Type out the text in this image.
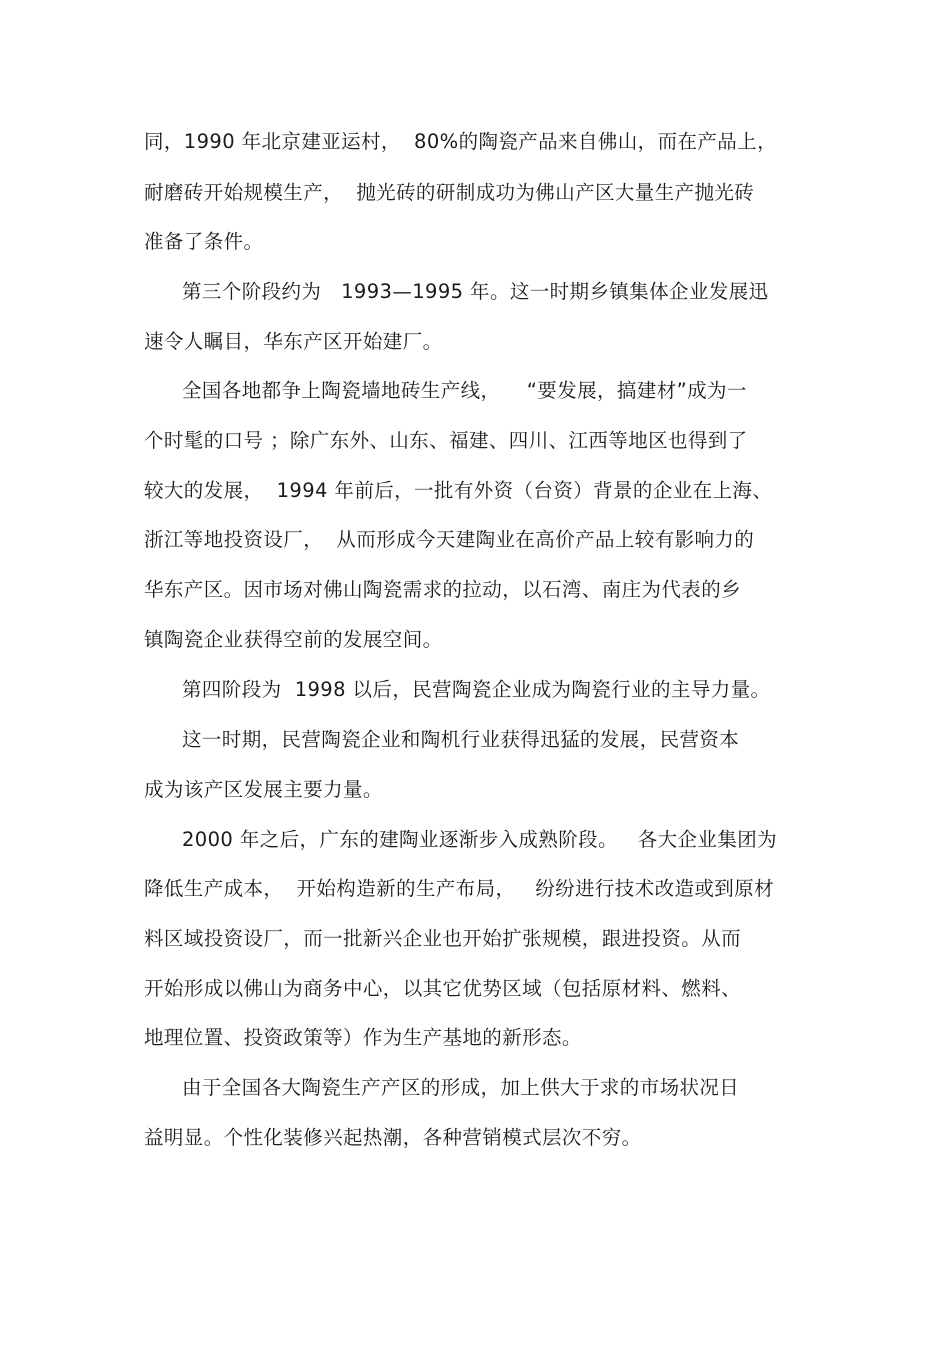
同，1990 年北京建亚运村，  80%的陶瓷产品来自佛山，而在产品上，
耐磨砖开始规模生产，  抛光砖的研制成功为佛山产区大量生产抛光砖
准备了条件。
第三个阶段约为   1993—1995 年。这一时期乡镇集体企业发展迅
速令人瞩目，华东产区开始建厂。
全国各地都争上陶瓷墙地砖生产线，    “要发展，搞建材”成为一
个时髦的口号 ；除广东外、山东、福建、四川、江西等地区也得到了
较大的发展，  1994 年前后，一批有外资（台资）背景的企业在上海、
浙江等地投资设厂，  从而形成今天建陶业在高价产品上较有影响力的
华东产区。因市场对佛山陶瓷需求的拉动，以石湾、南庄为代表的乡
镇陶瓷企业获得空前的发展空间。
第四阶段为  1998 以后，民营陶瓷企业成为陶瓷行业的主导力量。
这一时期，民营陶瓷企业和陶机行业获得迅猛的发展，民营资本
成为该产区发展主要力量。
2000 年之后，广东的建陶业逐渐步入成熟阶段。   各大企业集团为
降低生产成本，  开始构造新的生产布局，   纷纷进行技术改造或到原材
料区域投资设厂，而一批新兴企业也开始扩张规模，跟进投资。从而
开始形成以佛山为商务中心，以其它优势区域（包括原材料、燃料、
地理位置、投资政策等）作为生产基地的新形态。
由于全国各大陶瓷生产产区的形成，加上供大于求的市场状况日
益明显。个性化装修兴起热潮，各种营销模式层次不穷。
